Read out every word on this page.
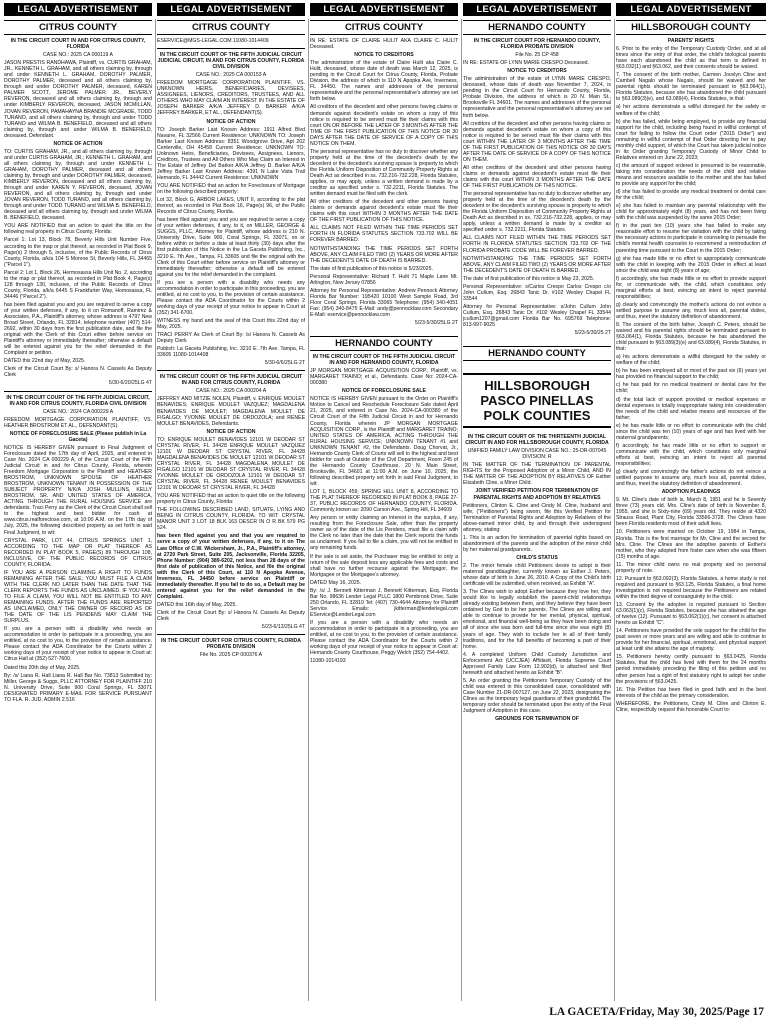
LEGAL ADVERTISEMENT	LEGAL ADVERTISEMENT	LEGAL ADVERTISEMENT	LEGAL ADVERTISEMENT	LEGAL ADVERTISEMENT
CITRUS COUNTY

IN THE CIRCUIT COURT IN AND FOR CITRUS COUNTY, FLORIDA

CASE NO.: 2025 CA 000119 A

JASON PRESTIS RANDHAWA, Plaintiff, vs. CURTIS GRAHAM, JR., KENNETH L. GRAHAM, and all others claiming by, through and under KENNETH L. GRAHAM, DOROTHY PALMER, DOROTHY PALMER, deceased and all others claiming by, through and under DOROTHY PALMER, deceased, KAREN PALMER SCOTT, JEROME PALMER JR., BEVERLY REVERON, deceased and all others claiming by, through and under KIMBERLY REVERON, deceased, JASON MCMILLAN, JOVAN REVERON, PAMAHAYNA BRANDIE MCGRADE, TODD TURANO, and all others claiming by, through and under TODD TURANO and WILMA B. BENEFIELD, deceased and all others claiming by, through and under WILMA B. BENEFIELD, deceased, Defendant.

NOTICE OF ACTION

TO: CURTIS GRAHAM, JR., and all others claiming by, through and under CURTIS GRAHAM, JR.; KENNETH L. GRAHAM, and all others claiming by, through and under KENNETH L. GRAHAM, DOROTHY PALMER, deceased and all others claiming by, through and under DOROTHY PALMER, deceased, KIMBERLY REVERON, deceased and all others claiming by, through and under KAREN Y. REVERON, deceased, JOVAN REVERON, and all others claiming by, through and under JOVAN REVERON, TODD TURANO, and all others claiming by, through and under TODD TURANO and WILMA B. BENEFIELD, deceased and all others claiming by, through and under WILMA B. BENEFIELD, deceased.

YOU ARE NOTIFIED that an action to quiet the title on the following real property in Citrus County, Florida:

Parcel 1: Lot 13, Block 78, Beverly Hills Unit Number Five, according to the map or plat thereof, as recorded in Plat Book 9, Page(s) 2 through 5, inclusive, of the Public Records of Citrus County, Florida, a/k/a 104 S Monroe St, Beverly Hills, FL 34465 ("Parcel 1").

Parcel 2: Lot 1, Block 26, Hermosassa Hills Unit No. 2, according to the map or plat thereof, as recorded in Plat Book 4, Page(s) 128 through 130, inclusive, of the Public Records of Citrus County, Florida, a/k/a 6445 S Frankfurter Way, Homosassa, FL 34446 ("Parcel 2").

has been filed against you and you are required to serve a copy of your written defenses, if any, to it on Romanoff, Ramirez & Associates, P.A., Plaintiff's attorney, whose address is 4797 New Broad Street, Orlando, FL 32814, telephone number (407) 514-2692, within 30 days from the first publication date, and file the original with the Clerk of this Court either before service on Plaintiff's attorney or immediately thereafter; otherwise a default will be entered against you for the relief demanded in the Complaint or petition.

DATED this 22nd day of May, 2025.

Clerk of the Circuit Court By: s/ Hanora N. Cassels As Deputy Clerk

5/30-6/20/25LG 4T

IN THE CIRCUIT COURT OF THE FIFTH JUDICIAL CIRCUIT, IN AND FOR CITRUS COUNTY, FLORIDA CIVIL DIVISION

CASE NO.: 2024 CA 000229 A

FREEDOM MORTGAGE CORPORATION PLAINTIFF, VS. HEATHER BROSTROM ET AL., DEFENDANT(S).

NOTICE OF FORECLOSURE SALE (Please publish in La Gaceta)

NOTICE IS HEREBY GIVEN pursuant to Final Judgment of Foreclosure dated the 17th day of April, 2025, and entered in Case No. 2024 CA 000229 A, of the Circuit Court of the Fifth Judicial Circuit in and for Citrus County, Florida, wherein Freedom Mortgage Corporation is the Plaintiff and HEATHER BROSTROM, UNKNOWN SPOUSE OF HEATHER BROSTROM, UNKNOWN TENANT IN POSSESSION OF THE SUBJECT PROPERTY N/K/A JOSH MULLINS, KELLY BROSTROM, SR. AND UNITED STATES OF AMERICA, ACTING THROUGH THE RURAL HOUSING SERVICE are defendants. Traci Perry as the Clerk of the Circuit Court shall sell to the highest and best bidder for cash at www.citrus.realforeclose.com, at 10:00 A.M. on the 17th day of July, 2025, the following described property as set forth in said Final Judgment, to wit:

CRYSTAL PARK, LOT 44, CITRUS SPRINGS UNIT 1, ACCORDING TO THE MAP OR PLAT THEREOF AS RECORDED IN PLAT BOOK 5, PAGE(S) 89 THROUGH 108, INCLUSIVE, OF THE PUBLIC RECORDS OF CITRUS COUNTY, FLORIDA.

IF YOU ARE A PERSON CLAIMING A RIGHT TO FUNDS REMAINING AFTER THE SALE, YOU MUST FILE A CLAIM WITH THE CLERK NO LATER THAN THE DATE THAT THE CLERK REPORTS THE FUNDS AS UNCLAIMED. IF YOU FAIL TO FILE A CLAIM, YOU WILL NOT BE ENTITLED TO ANY REMAINING FUNDS. AFTER THE FUNDS ARE REPORTED AS UNCLAIMED, ONLY THE OWNER OF RECORD AS OF THE DATE OF THE LIS PENDENS MAY CLAIM THE SURPLUS.

If you are a person with a disability who needs an accommodation in order to participate in a proceeding, you are entitled, at no cost to you, to the provision of certain assistance. Please contact the ADA Coordinator for the Courts within 2 working days of your receipt of your notice to appear in Court at: Citrus Hall at (352) 527-7600.

Dated this 20th day of May, 2025.

By: /s/ Liana R. Hall Liana R. Hall Bar No. 73813 Submitted by: Miller, George & Suggs, PLLC ATTORNEY FOR PLAINTIFF 210 N. University Drive, Suite 900 Coral Springs, FL 33071 DESIGNATED PRIMARY E-MAIL FOR SERVICE PURSUANT TO FLA. R. JUD. ADMIN 2.516

CITRUS COUNTY

ESERVICE@MGS-LEGAL.COM 11080-1014409

IN THE CIRCUIT COURT OF THE FIFTH JUDICIAL CIRCUIT JUDICIAL CIRCUIT, IN AND FOR CITRUS COUNTY, FLORIDA CIVIL DIVISION

CASE NO.: 2025 CA 000153 A

FREEDOM MORTGAGE CORPORATION PLAINTIFF, VS. UNKNOWN HEIRS, BENEFICIARIES, DEVISEES, ASSIGNEES, LIENORS, CREDITORS, TRUSTEES, AND ALL OTHERS WHO MAY CLAIM AN INTEREST IN THE ESTATE OF JOSEPH BARKER A/K/A JEFFREY D. BARKER A/K/A JEFFREY BARKER, ET AL., DEFENDANT(S).

NOTICE OF ACTION

TO: Joseph Barker Last Known Address: 1911 Alfred Blvd Navarre, FL 32566 Current Residence: UNKNOWN TO: Joseph Barker Last Known Address: 8351 Woodgrove Drive, Apt 202 Centerville, OH 45458 Current Residence: UNKNOWN TO: Unknown Heirs, Beneficiaries, Devisees, Assignees, Lienors, Creditors, Trustees and All Others Who May Claim an Interest in The Estate of Jeffrey Del Barker A/K/A Jeffrey D. Barker A/K/A Jeffrey Barker Last Known Address: 4391 N Lake Vista Trail Hernando, FL 34442 Current Residence: UNKNOWN

YOU ARE NOTIFIED that an action for Foreclosure of Mortgage on the following described property:

Lot 32, Block G, ARBOR LAKES, UNIT II, according to the plat thereof, as recorded in Plat Book 16, Page(s) 96, of the Public Records of Citrus County, Florida.

has been filed against you and you are required to serve a copy of your written defenses, if any, to it, on MILLER, GEORGE & SUGGS, PLLC, Attorney for Plaintiff, whose address is 210 N. University Drive, Suite 900, Coral Springs, FL 33071, on or before within or before a date at least thirty (30) days after the first publication of this Notice in the La Gaceta Publishing, Inc., 3210 E. 7th Ave., Tampa, FL 33605 and file the original with the Clerk of this Court either before service on Plaintiff's attorney or immediately thereafter; otherwise a default will be entered against you for the relief demanded in the complaint.

If you are a person with a disability who needs any accommodation in order to participate in this proceeding, you are entitled, at no cost to you, to the provision of certain assistance. Please contact the ADA Coordinator for the Courts within 2 working days of your receipt of your notice to appear in Court at (352) 341-6700.

WITNESS my hand and the seal of this Court this 22nd day of May, 2025.

TRACI PERRY As Clerk of Court By: /s/ Hanora N. Cassels As Deputy Clerk

Publish: La Gaceta Publishing, Inc. 3210 E. 7th Ave. Tampa, FL 33605 11080-1014408

5/30-6/6/25LG 2T

IN THE CIRCUIT COURT OF THE FIFTH JUDICIAL CIRCUIT IN AND FOR CITRUS COUNTY, FLORIDA

CASE NO.: 2025 CA 000204 A

JEFFREY AND MITZIE NOLEN, Plaintiff, v. ENRIQUE MOULET BENAVIDES; ENRIQUE MOULET VAZQUEZ; MAGDALENA BENAVIDES DE MOULET; MAGDALENA MOULET DE FIGALGO; YVONNE MOULET DE ORDOZOLA; and RENEE MOULET BENAVIDES, Defendants.

NOTICE OF ACTION

TO: ENRIQUE MOULET BENAVIDES 12101 W DEODAR ST CRYSTAL RIVER, FL 34428 ENRIQUE MOULET VAZQUEZ 12101 W DEODAR ST CRYSTAL RIVER, FL 34428 MAGDALENA BENAVIDES DE MOULET 12101 W DEODAR ST CRYSTAL RIVER, FL 34428 MAGDALENA MOULET DE FIGALGO 12101 W DEODAR ST CRYSTAL RIVER, FL 34428 YVONNE MOULET DE ORDOZOLA 12101 W DEODAR ST CRYSTAL RIVER, FL 34428 RENEE MOULET BENAVIDES 12101 W DEODAR ST CRYSTAL RIVER, FL 34428

YOU ARE NOTIFIED that an action to quiet title on the following property in Citrus County, Florida:

THE FOLLOWING DESCRIBED LAND, SITUATE, LYING AND BEING IN CITRUS COUNTY, FLORIDA, TO WIT: CRYSTAL MANOR UNIT 3 LOT 18 BLK 163 DESCR IN O R BK 579 PG 524.

has been filed against you and that you are required to serve a copy of your written defenses, if any, to it on The Law Office of C.W. Wickersham, Jr., P.A., Plaintiff's attorney, at 2720 Park Street, Suite 205, Jacksonville, Florida 32205, Phone Number: (904) 389-6202, not less than 28 days of the first date of publication of this Notice, and file the original with the Clerk of this Court, at 110 N Apopka Avenue, Inverness, FL 34450 before service on Plaintiff or immediately thereafter. If you fail to do so, a Default may be entered against you for the relief demanded in the Complaint.

DATED this 16th day of May, 2025.

Clerk of the Circuit Court By: s/ Hanora N. Cassels As Deputy Clerk

5/23-6/13/25LG 4T

IN THE CIRCUIT COURT FOR CITRUS COUNTY, FLORIDA PROBATE DIVISION

File No. 2025 CP 000376 A

CITRUS COUNTY

IN RE: ESTATE OF CLAIRE HULIT AKA CLAIRE C. HULIT Deceased.

NOTICE TO CREDITORS

The administration of the estate of Claire Hulit aka Claire C. Hulit, deceased, whose date of death was March 12, 2025, is pending in the Circuit Court for Citrus County, Florida, Probate Division, the address of which is 110 N Apopka Ave, Inverness, FL 34450. The names and addresses of the personal representative and the personal representative's attorney are set forth below.

All creditors of the decedent and other persons having claims or demands against decedent's estate on whom a copy of this notice is required to be served must file their claims with this court ON OR BEFORE THE LATER OF 3 MONTHS AFTER THE TIME OF THE FIRST PUBLICATION OF THIS NOTICE OR 30 DAYS AFTER THE DATE OF SERVICE OF A COPY OF THIS NOTICE ON THEM.

The personal representative has no duty to discover whether any property held at the time of the decedent's death by the decedent or the decedent's surviving spouse is property to which the Florida Uniform Disposition of Community Property Rights at Death Act as described in ss. 732.216-732.228, Florida Statutes, applies, or may apply, unless a written demand is made by a creditor as specified under s. 732.2211, Florida Statutes. The written demand must be filed with the clerk.

All other creditors of the decedent and other persons having claims or demands against decedent's estate must file their claims with this court WITHIN 3 MONTHS AFTER THE DATE OF THE FIRST PUBLICATION OF THIS NOTICE.

ALL CLAIMS NOT FILED WITHIN THE TIME PERIODS SET FORTH IN FLORIDA STATUTES SECTION 733.702 WILL BE FOREVER BARRED.

NOTWITHSTANDING THE TIME PERIODS SET FORTH ABOVE, ANY CLAIM FILED TWO (2) YEARS OR MORE AFTER THE DECEDENT'S DATE OF DEATH IS BARRED.

The date of first publication of this notice is 5/23/2025.

Personal Representative: Richard T. Hulit 71 Maple Lane Mt. Arlington, New Jersey 07856

Attorney for Personal Representative: Andrew Pennock Attorney Florida Bar Number: 195420 10100 West Sample Road, 3rd Floor Coral Springs, Florida 33065 Telephone: (954) 340-4051 Fax: (954) 340-8475 E-Mail: andy@pennocklaw.com Secondary E-Mail: eservice@pennocklaw.com

5/23-5/30/25LG 2T

HERNANDO COUNTY

IN THE CIRCUIT COURT OF THE FIFTH JUDICIAL CIRCUIT IN AND FOR HERNANDO COUNTY, FLORIDA

JP MORGAN MORTGAGE ACQUISITION CORP., Plaintiff, vs. MARGARET TRAINO; et al., Defendants. Case No: 2024-CA-000380

NOTICE OF FORECLOSURE SALE

NOTICE IS HEREBY GIVEN pursuant to the Order on Plaintiff's Motion to Cancel and Reschedule Foreclosure Sale dated April 21, 2025, and entered in Case No. 2024-CA-000380 of the Circuit Court of the Fifth Judicial Circuit in and for Hernando County, Florida wherein JP MORGAN MORTGAGE ACQUISITION CORP., is the Plaintiff and MARGARET TRAINO; UNITED STATES OF AMERICA, ACTING THROUGH THE RURAL HOUSING SERVICE; UNKNOWN TENANT #1 and UNKNOWN TENANT #2, the Defendants. Doug Chorvat, Jr., Hernando County Clerk of Courts will sell to the highest and best bidder for cash at Outside of the Civil Department, Room 245 of the Hernando County Courthouse, 20 N. Main Street, Brooksville, FL 34601 at 11:00 A.M. on June 10, 2025, the following described property set forth in said Final Judgment, to wit:

LOT 1, BLOCK 459, SPRING HILL UNIT 8, ACCORDING TO THE PLAT THEREOF RECORDED IN PLAT BOOK 8, PAGE 27-37, PUBLIC RECORDS OF HERNANDO COUNTY, FLORIDA. Commonly known as: 2090 Carson Ave., Spring Hill, FL 34609

Any person or entity claiming an interest in the surplus, if any, resulting from the Foreclosure Sale, other than the property owner as of the date of the Lis Pendens, must file a claim with the Clerk no later than the date that the Clerk reports the funds as unclaimed. If you fail to file a claim, you will not be entitled to any remaining funds.

If the sale is set aside, the Purchaser may be entitled to only a return of the sale deposit less any applicable fees and costs and shall have no further recourse against the Mortgagor, the Mortgagee or the Mortgagee's attorney.

DATED May 16, 2025.

By: /s/ J. Bennett Kitterman J. Bennett Kitterman, Esq. Florida Bar No. 98636 Lender Legal PLLC 1800 Pembrook Drive, Suite 250 Orlando, FL 32810 Tel: (407) 730-4644 Attorney for Plaintiff Service Emails: jkitterman@lenderlegal.com EService@LenderLegal.com

If you are a person with a disability who needs an accommodation in order to participate in a proceeding, you are entitled, at no cost to you, to the provision of certain assistance. Please contact the ADA Coordinator for the Courts within 2 working days of your receipt of your notice to appear in Court at: Hernando County Courthouse, Peggy Welch (352) 754-4402.

11080-1014193

HERNANDO COUNTY

IN THE CIRCUIT COURT FOR HERNANDO COUNTY, FLORIDA PROBATE DIVISION

File No. 25 CP 458

IN RE: ESTATE OF LYNN MARIE CRESPO Deceased.

NOTICE TO CREDITORS

The administration of the estate of LYNN MARIE CRESPO, deceased, whose date of death was November 7, 2024, is pending in the Circuit Court for Hernando County, Florida, Probate Division, the address of which is 20 N. Main St., Brooksville FL 34601. The names and addresses of the personal representative and the personal representative's attorney are set forth below.

All creditors of the decedent and other persons having claims or demands against decedent's estate on whom a copy of this notice is required to be served must file their claims with this court WITHIN THE LATER OF 3 MONTHS AFTER THE TIME OF THE FIRST PUBLICATION OF THIS NOTICE OR 30 DAYS AFTER THE DATE OF SERVICE OF A COPY OF THIS NOTICE ON THEM.

All other creditors of the decedent and other persons having claims or demands against decedent's estate must file their claims with this court WITHIN 3 MONTHS AFTER THE DATE OF THE FIRST PUBLICATION OF THIS NOTICE.

The personal representative has no duty to discover whether any property held at the time of the decedent's death by the decedent or the decedent's surviving spouse is property to which the Florida Uniform Disposition of Community Property Rights at Death Act as described in ss. 732.216-732.228, applies, or may apply, unless a written demand is made by a creditor as specified under s. 732.2211, Florida Statutes.

ALL CLAIMS NOT FILED WITHIN THE TIME PERIODS SET FORTH IN FLORIDA STATUTES SECTION 733.702 OF THE FLORIDA PROBATE CODE WILL BE FOREVER BARRED.

NOTWITHSTANDING THE TIME PERIODS SET FORTH ABOVE, ANY CLAIM FILED TWO (2) YEARS OR MORE AFTER THE DECEDENT'S DATE OF DEATH IS BARRED.

The date of first publication of this notice is May 23, 2025.

Personal Representative: s/Carlos Crespo Carlos Crespo c/o John Cullum, Esq. 26843 Tanic Dr. #102 Wesley Chapel FL 33544

Attorney for Personal Representative: s/John Cullum John Cullum, Esq. 26843 Tanic Dr. #102 Wesley Chapel FL 33544 jcullum1207@gmail.com Florida Bar No. 695769 Telephone: 813-997-9025

5/23-5/30/25 2T

HERNANDO COUNTY
HILLSBOROUGH PASCO PINELLAS POLK COUNTIES

IN THE CIRCUIT COURT OF THE THIRTEENTH JUDICIAL CIRCUIT IN AND FOR HILLSBOROUGH COUNTY, FLORIDA

UNIFIED FAMILY LAW DIVISION CASE NO.: 25-DR-007045 DIVISION: R

IN THE MATTER OF THE TERMINATION OF PARENTAL RIGHTS for the Proposed Adoption of a Minor Child, AND IN THE MATTER OF THE ADOPTION BY RELATIVES OF Esther Elizabeth Cline, a Minor Child.

JOINT VERIFIED PETITION FOR TERMINATION OF PARENTAL RIGHTS AND ADOPTION BY RELATIVES

Petitioners, Clinton E. Cline and Cindy M. Cline, husband and wife, ("Petitioners") being sworn, file this Verified Petition for Termination of Parental Rights and Adoption by Relatives of the above-named minor child, by and through their undersigned attorney, stating:

1. This is an action for termination of parental rights based on abandonment of the parents and the adoption of the minor child by her maternal grandparents.

CHILD'S STATUS

2. The minor female child Petitioners desire to adopt is their maternal granddaughter, currently known as Esther J. Peters, whose date of birth is June 26, 2010. A Copy of the Child's birth certificate will be submitted, when received, as Exhibit "A".

3. The Clines wish to adopt Esther because they love her, they would like to legally establish the parent-child relationships already existing between them, and they believe they have been ordained by God to be her parents. The Clines are willing and able to continue to provide for her mental, physical, spiritual, emotional, and financial well-being as they have been doing and all of since she was born and full-time since she was eight (8) years of age. They wish to include her in all of their family traditions, and for the full benefits of becoming a part of their home.

4. A completed Uniform Child Custody Jurisdiction and Enforcement Act (UCCJEA) Affidavit, Florida Supreme Court Approved Family Law Form 12.902(d), is attached and filed herewith and attached hereto as Exhibit "B".

5. An order granting the Petitioners Temporary Custody of the child was entered in this consolidated case, consolidated with Case Number 21-DR-007127, on June 22, 2023, designating the Clines as the temporary legal guardians of their grandchild. The temporary order should be terminated upon the entry of the Final Judgment of Adoption in this case.

GROUNDS FOR TERMINATION OF

HILLSBOROUGH COUNTY

PARENTS' RIGHTS

6. Prior to the entry of the Temporary Custody Order, and at all times since the entry of that order, the child's biological parents have each abandoned the child as that term is defined in §63.032(1) and §63.062, and their consents should be waived.

7. The consent of the birth mother, Carmen Jocelyn Cline and Cambell Nagalo whose Nagalo, should be waived and her parental rights should be terminated pursuant to §63.064(1), Florida Statutes, because she has abandoned the child pursuant to §63.089(3)(e), and 63.089(4), Florida Statutes, in that:

a) her actions demonstrate a willful disregard for the safety or welfare of the child;

b) she has failed, while being employed, to provide any financial support for the child, including being found in willful contempt of court for failing to follow the Court order ("2015 Order") and remaining in willful contempt of that Order directing her to pay monthly child support, of which the Court has taken judicial notice in its Order granting Temporary Custody of Minor Child to Relatives entered on June 22, 2023;

c) the amount of support ordered is presumed to be reasonable, taking into consideration the needs of the child and relative means and resources available to the mother and she has failed to provide any support for the child;

d) she has failed to provide any medical treatment or dental care for the child;

e) she has failed to maintain any parental relationship with the child for approximately eight (8) years, and has not been living with the child was suspended by the same 2015 Order;

f) in the past ten (10) years she has failed to make any reasonable effort to resume her visitation with the child by taking the necessary actions to participate in counseling to persuade the child's mental health counselor to recommend a reintroduction of parenting time pursuant to the Court in the 2015 Order;

g) she has made little or no effort to appropriately communicate with the child in keeping with the 2015 Order in effect at least since the child was eight (8) years of age;

f) accordingly, she has made little or no effort to provide support for, or communicate with, the child, which constitutes only marginal efforts at best, evincing an intent to reject parental responsibilities;

g) clearly and convincingly the mother's actions do not evince a settled purpose to assume any, much less all, parental duties, and thus, meet the statutory definition of abandonment.

8. The consent of the birth father, Joseph C. Peters, should be waived and his parental rights should be terminated pursuant to §63.064(1), Florida Statutes, because he has abandoned the child pursuant to §63.089(3)(e) and 63.089(4), Florida Statutes, in that:

a) his actions demonstrate a willful disregard for the safety or welfare of the child;

b) he has been employed all or most of the past six (6) years yet has provided no financial support to the child;

c) he has paid for no medical treatment or dental care for the child;

d) the total lack of support provided or medical expenses or dental expenses is totally inappropriate taking into consideration the needs of the child and relative means and resources of the father;

e) he has made little or no effort to communicate with the child since the child was ten (10) years of age and has lived with her maternal grandparents;

f) accordingly, he has made little or no effort to support or communicate with the child, which constitutes only marginal efforts at best, evincing an intent to reject all parental responsibilities;

g) clearly and convincingly the father's actions do not evince a settled purpose to assume any, much less all, parental duties, and thus, meet the statutory definition of abandonment.

ADOPTION PLEADINGS

9. Mr. Cline's date of birth is, March 8, 1951 and he is Seventy three (73) years old. Mrs. Cline's date of birth is November 8, 1955, and she is Sixty-nine (69) years old. They reside at 4320 Strauss Road, Plant City, Florida 33566-3728. The Clines have been Florida residents most of their adult lives.

10. Petitioners were married on October 19, 1984 in Tampa, Florida. This is the first marriage for Mr. Cline and the second for Mrs. Cline. The Clines are the adoptive parents of Esther's mother, who they adopted from foster care when she was fifteen (15) months of age.

11. The minor child owns no real property and no personal property of note.

12. Pursuant to §63.092(3), Florida Statutes, a home study is not required and pursuant to §63.125, Florida Statutes, a final home investigation is not required because the Petitioners are related within the third degree of consanguinity to the child.

13. Consent by the adoptee is required pursuant to Section 63.063(1)(c), Florida Statutes, because she has attained the age of twelve (12). Pursuant to §63.062(1)(c), her consent is attached hereto as Exhibit "C".

14. Petitioners have provided the sole support for the child for the past seven or more years and are willing and able to continue to provide for her financial, spiritual, emotional, and physical support at least until she attains the age of majority.

15. Petitioners hereby certify pursuant to §63.0425, Florida Statutes, that the child has lived with them for the 24 months period immediately preceding the filing of this petition and no other person has a right of first statutory right to adopt her under the provisions of §63.0425.

16. This Petition has been filed in good faith and in the best interests of the child as the primary consideration.

WHEREFORE, the Petitioners, Cindy M. Cline and Clinton E. Cline, respectfully request this honorable Court to:

LA GACETA/Friday, May 30, 2025/Page 17
